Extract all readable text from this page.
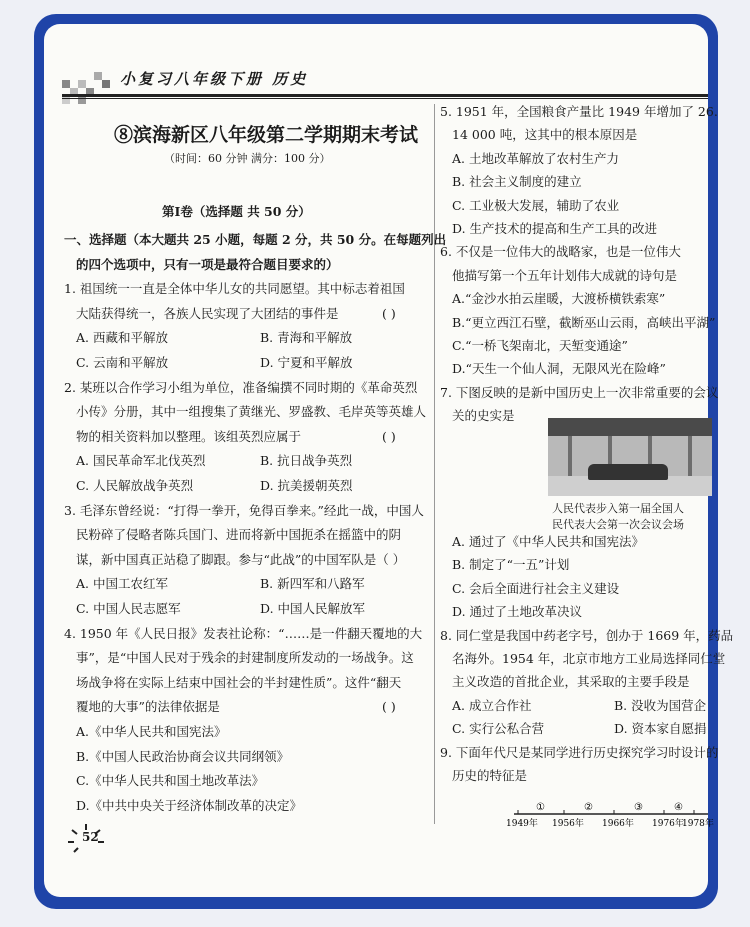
小复习八年级下册 历史
⑧滨海新区八年级第二学期期末考试
（时间：60 分钟 满分：100 分）
第Ⅰ卷（选择题 共 50 分）
一、选择题（本大题共 25 小题，每题 2 分，共 50 分。在每题列出
的四个选项中，只有一项是最符合题目要求的）
1. 祖国统一一直是全体中华儿女的共同愿望。其中标志着祖国
大陆获得统一，各族人民实现了大团结的事件是	( )
A. 西藏和平解放	B. 青海和平解放
C. 云南和平解放	D. 宁夏和平解放
2. 某班以合作学习小组为单位，准备编撰不同时期的《革命英烈
小传》分册，其中一组搜集了黄继光、罗盛教、毛岸英等英雄人
物的相关资料加以整理。该组英烈应属于	( )
A. 国民革命军北伐英烈	B. 抗日战争英烈
C. 人民解放战争英烈	D. 抗美援朝英烈
3. 毛泽东曾经说：“打得一拳开，免得百拳来。”经此一战，中国人
民粉碎了侵略者陈兵国门、进而将新中国扼杀在摇篮中的阴
谋，新中国真正站稳了脚跟。参与“此战”的中国军队是（ ）
A. 中国工农红军	B. 新四军和八路军
C. 中国人民志愿军	D. 中国人民解放军
4. 1950 年《人民日报》发表社论称：“……是一件翻天覆地的大
事”，是“中国人民对于残余的封建制度所发动的一场战争。这
场战争将在实际上结束中国社会的半封建性质”。这件“翻天
覆地的大事”的法律依据是	( )
A.《中华人民共和国宪法》
B.《中国人民政治协商会议共同纲领》
C.《中华人民共和国土地改革法》
D.《中共中央关于经济体制改革的决定》
5. 1951 年，全国粮食产量比 1949 年增加了 26.
14 000 吨，这其中的根本原因是
A. 土地改革解放了农村生产力
B. 社会主义制度的建立
C. 工业极大发展，辅助了农业
D. 生产技术的提高和生产工具的改进
6. 不仅是一位伟大的战略家，也是一位伟大
他描写第一个五年计划伟大成就的诗句是
A.“金沙水拍云崖暖，大渡桥横铁索寒”
B.“更立西江石壁，截断巫山云雨，高峡出平湖”
C.“一桥飞架南北，天堑变通途”
D.“天生一个仙人洞，无限风光在险峰”
7. 下图反映的是新中国历史上一次非常重要的会议
关的史实是
A. 通过了《中华人民共和国宪法》
B. 制定了“一五”计划
C. 会后全面进行社会主义建设
D. 通过了土地改革决议
8. 同仁堂是我国中药老字号，创办于 1669 年，药品
名海外。1954 年，北京市地方工业局选择同仁堂
主义改造的首批企业，其采取的主要手段是
A. 成立合作社	B. 没收为国营企
C. 实行公私合营	D. 资本家自愿捐
9. 下面年代尺是某同学进行历史探究学习时设计的
历史的特征是
人民代表步入第一届全国人
民代表大会第一次会议会场
1949年 1956年 1966年 1976年
1978年
①	②	③	④
52
